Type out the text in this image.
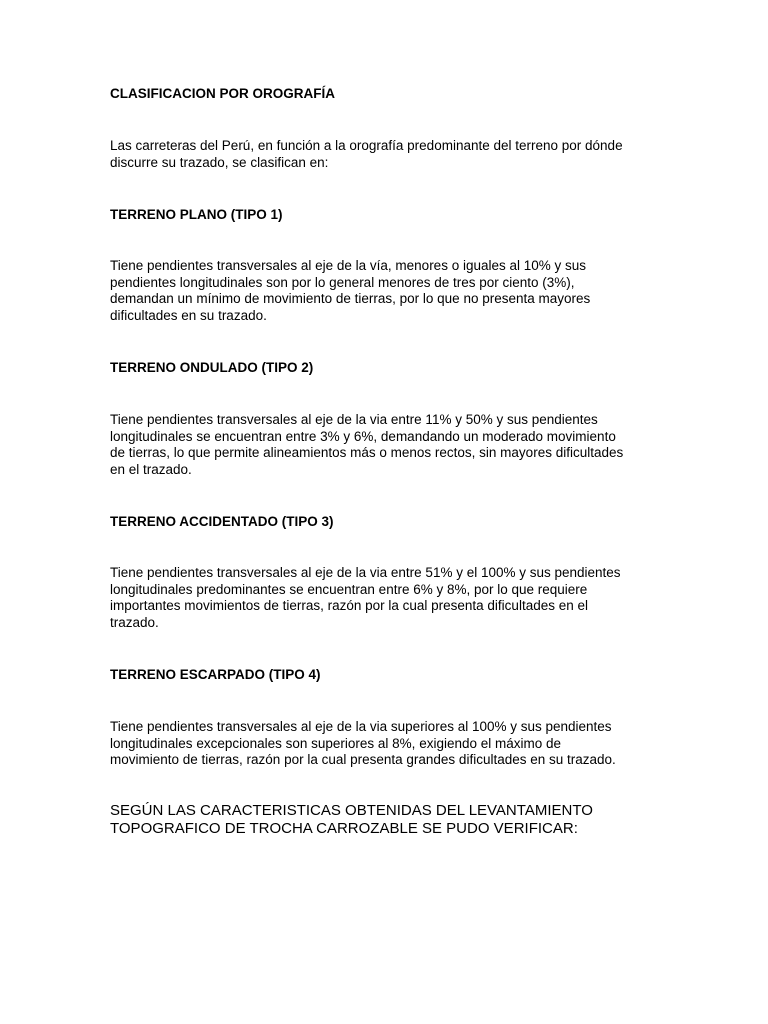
CLASIFICACION POR OROGRAFÍA
Las carreteras del Perú, en función a la orografía predominante del terreno por dónde
discurre su trazado, se clasifican en:
TERRENO PLANO (TIPO 1)
Tiene pendientes transversales al eje de la vía, menores o iguales al 10% y sus
pendientes longitudinales son por lo general menores de tres por ciento (3%),
demandan un mínimo de movimiento de tierras, por lo que no presenta mayores
dificultades en su trazado.
TERRENO ONDULADO (TIPO 2)
Tiene pendientes transversales al eje de la via entre 11% y 50% y sus pendientes
longitudinales se encuentran entre 3% y 6%, demandando un moderado movimiento
de tierras, lo que permite alineamientos más o menos rectos, sin mayores dificultades
en el trazado.
TERRENO ACCIDENTADO (TIPO 3)
Tiene pendientes transversales al eje de la via entre 51% y el 100% y sus pendientes
longitudinales predominantes se encuentran entre 6% y 8%, por lo que requiere
importantes movimientos de tierras, razón por la cual presenta dificultades en el
trazado.
TERRENO ESCARPADO (TIPO 4)
Tiene pendientes transversales al eje de la via superiores al 100% y sus pendientes
longitudinales excepcionales son superiores al 8%, exigiendo el máximo de
movimiento de tierras, razón por la cual presenta grandes dificultades en su trazado.
SEGÚN LAS CARACTERISTICAS OBTENIDAS DEL LEVANTAMIENTO
TOPOGRAFICO DE TROCHA CARROZABLE SE PUDO VERIFICAR:
